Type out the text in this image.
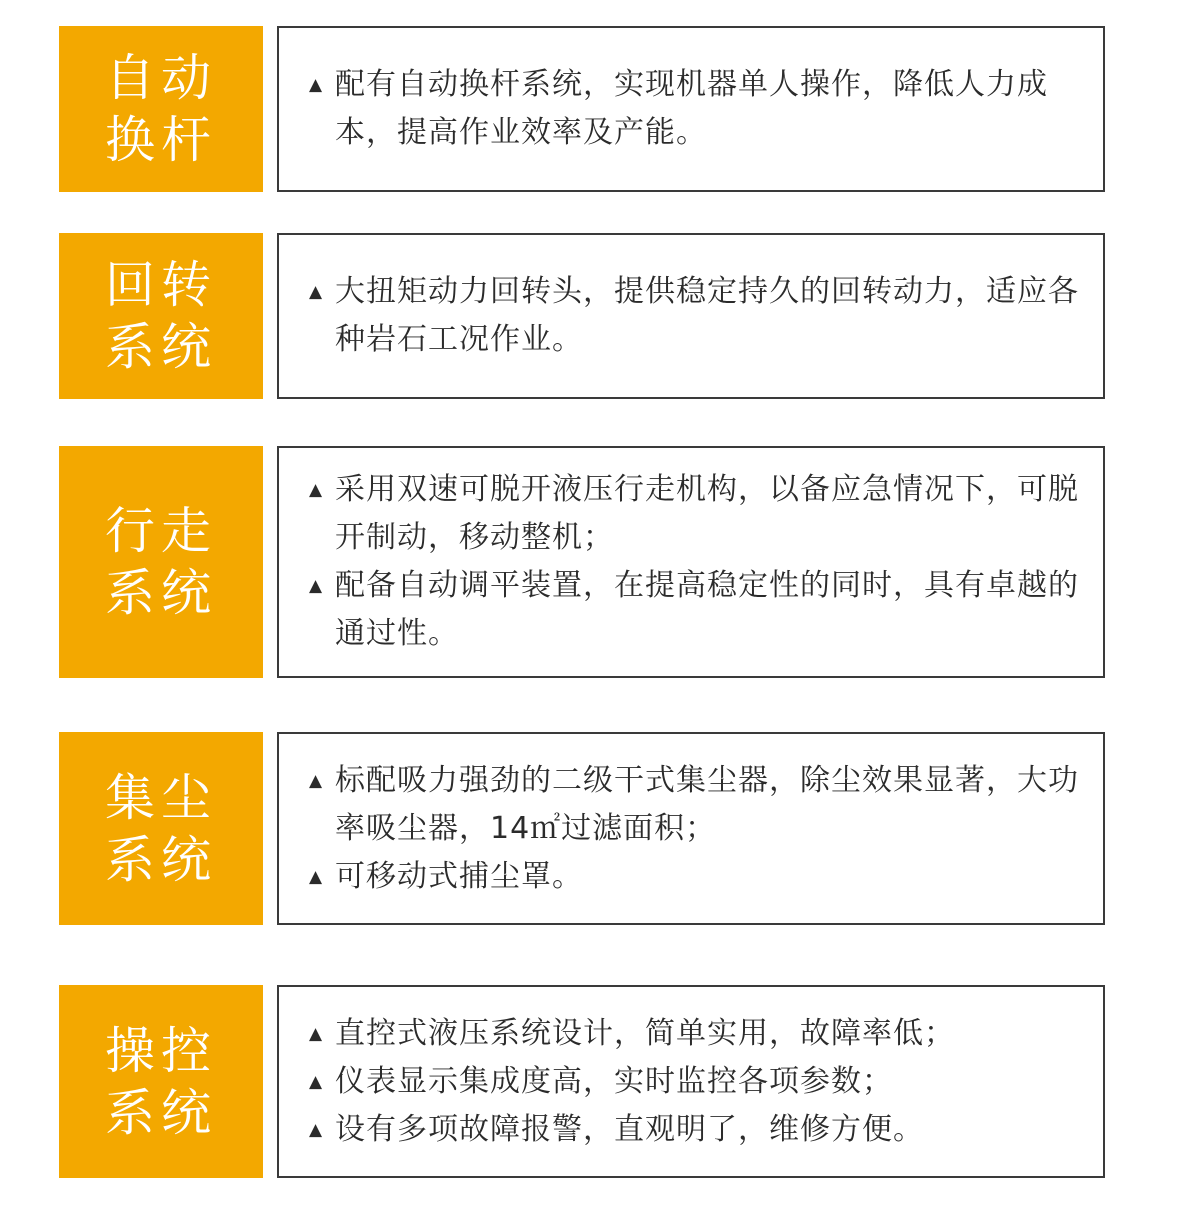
自动
换杆
▲ 配有自动换杆系统，实现机器单人操作，降低人力成本，提高作业效率及产能。
回转
系统
▲ 大扭矩动力回转头，提供稳定持久的回转动力，适应各种岩石工况作业。
行走
系统
▲ 采用双速可脱开液压行走机构，以备应急情况下，可脱开制动，移动整机；
▲ 配备自动调平装置，在提高稳定性的同时，具有卓越的通过性。
集尘
系统
▲ 标配吸力强劲的二级干式集尘器，除尘效果显著，大功率吸尘器，14㎡过滤面积；
▲ 可移动式捕尘罩。
操控
系统
▲ 直控式液压系统设计，简单实用，故障率低；
▲ 仪表显示集成度高，实时监控各项参数；
▲ 设有多项故障报警，直观明了，维修方便。
